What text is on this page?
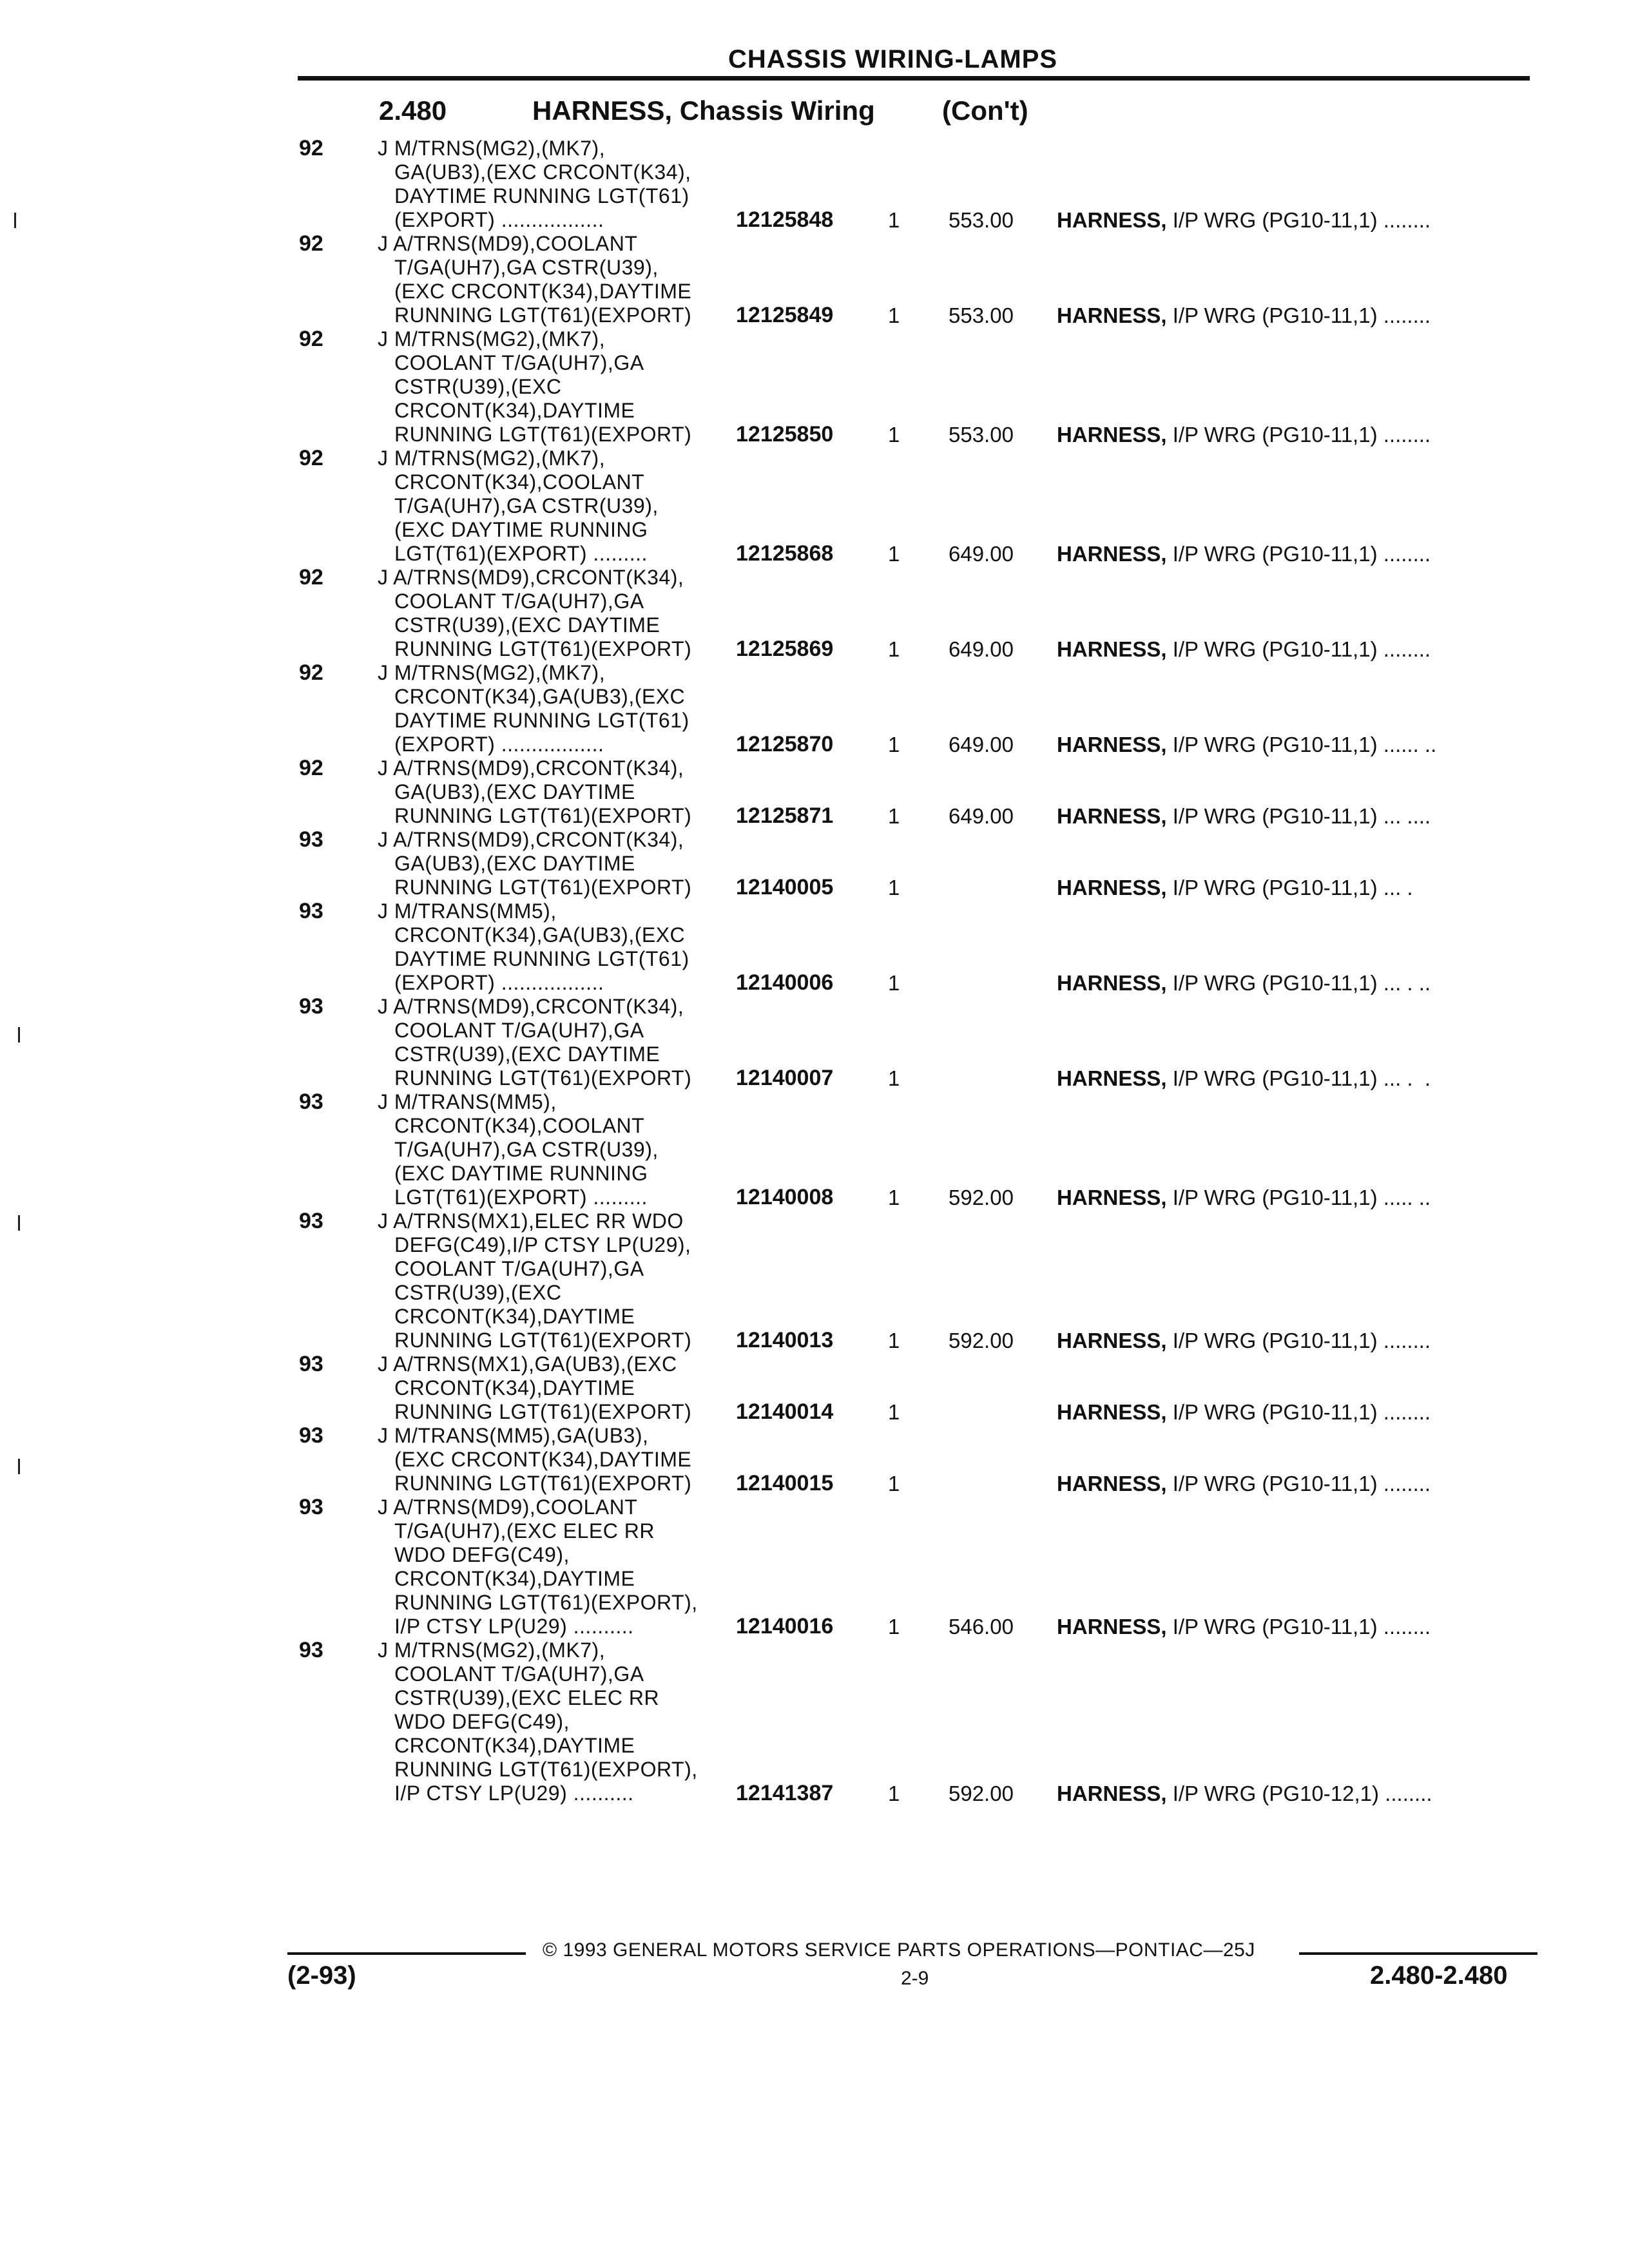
CHASSIS WIRING-LAMPS
2.480	HARNESS, Chassis Wiring (Con't)
92	J M/TRNS(MG2),(MK7),
GA(UB3),(EXC CRCONT(K34),
DAYTIME RUNNING LGT(T61)
(EXPORT) .................	12125848	1 553.00 HARNESS, I/P WRG (PG10-11,1) ........
92	J A/TRNS(MD9),COOLANT
T/GA(UH7),GA CSTR(U39),
(EXC CRCONT(K34),DAYTIME
RUNNING LGT(T61)(EXPORT)	12125849	1 553.00 HARNESS, I/P WRG (PG10-11,1) ........
92	J M/TRNS(MG2),(MK7),
COOLANT T/GA(UH7),GA
CSTR(U39),(EXC
CRCONT(K34),DAYTIME
RUNNING LGT(T61)(EXPORT)	12125850	1 553.00 HARNESS, I/P WRG (PG10-11,1) ........
92	J M/TRNS(MG2),(MK7),
CRCONT(K34),COOLANT
T/GA(UH7),GA CSTR(U39),
(EXC DAYTIME RUNNING
LGT(T61)(EXPORT) .........	12125868	1 649.00 HARNESS, I/P WRG (PG10-11,1) ........
92	J A/TRNS(MD9),CRCONT(K34),
COOLANT T/GA(UH7),GA
CSTR(U39),(EXC DAYTIME
RUNNING LGT(T61)(EXPORT)	12125869	1 649.00 HARNESS, I/P WRG (PG10-11,1) ........
92	J M/TRNS(MG2),(MK7),
CRCONT(K34),GA(UB3),(EXC
DAYTIME RUNNING LGT(T61)
(EXPORT) .................	12125870	1 649.00 HARNESS, I/P WRG (PG10-11,1) ...... ..
92	J A/TRNS(MD9),CRCONT(K34),
GA(UB3),(EXC DAYTIME
RUNNING LGT(T61)(EXPORT)	12125871	1 649.00 HARNESS, I/P WRG (PG10-11,1) ... ....
93	J A/TRNS(MD9),CRCONT(K34),
GA(UB3),(EXC DAYTIME
RUNNING LGT(T61)(EXPORT)	12140005	1	HARNESS, I/P WRG (PG10-11,1) ... .
93	J M/TRANS(MM5),
CRCONT(K34),GA(UB3),(EXC
DAYTIME RUNNING LGT(T61)
(EXPORT) .................	12140006	1	HARNESS, I/P WRG (PG10-11,1) ... . ..
93	J A/TRNS(MD9),CRCONT(K34),
COOLANT T/GA(UH7),GA
CSTR(U39),(EXC DAYTIME
RUNNING LGT(T61)(EXPORT)	12140007	1	HARNESS, I/P WRG (PG10-11,1) ... .  .
93	J M/TRANS(MM5),
CRCONT(K34),COOLANT
T/GA(UH7),GA CSTR(U39),
(EXC DAYTIME RUNNING
LGT(T61)(EXPORT) .........	12140008	1 592.00 HARNESS, I/P WRG (PG10-11,1) ..... ..
93	J A/TRNS(MX1),ELEC RR WDO
DEFG(C49),I/P CTSY LP(U29),
COOLANT T/GA(UH7),GA
CSTR(U39),(EXC
CRCONT(K34),DAYTIME
RUNNING LGT(T61)(EXPORT)	12140013	1 592.00 HARNESS, I/P WRG (PG10-11,1) ........
93	J A/TRNS(MX1),GA(UB3),(EXC
CRCONT(K34),DAYTIME
RUNNING LGT(T61)(EXPORT)	12140014	1	HARNESS, I/P WRG (PG10-11,1) ........
93	J M/TRANS(MM5),GA(UB3),
(EXC CRCONT(K34),DAYTIME
RUNNING LGT(T61)(EXPORT)	12140015	1	HARNESS, I/P WRG (PG10-11,1) ........
93	J A/TRNS(MD9),COOLANT
T/GA(UH7),(EXC ELEC RR
WDO DEFG(C49),
CRCONT(K34),DAYTIME
RUNNING LGT(T61)(EXPORT),
I/P CTSY LP(U29) ..........	12140016	1 546.00 HARNESS, I/P WRG (PG10-11,1) ........
93	J M/TRNS(MG2),(MK7),
COOLANT T/GA(UH7),GA
CSTR(U39),(EXC ELEC RR
WDO DEFG(C49),
CRCONT(K34),DAYTIME
RUNNING LGT(T61)(EXPORT),
I/P CTSY LP(U29) ..........	12141387	1 592.00 HARNESS, I/P WRG (PG10-12,1) ........
© 1993 GENERAL MOTORS SERVICE PARTS OPERATIONS—PONTIAC—25J
(2-93)	2-9	2.480-2.480
